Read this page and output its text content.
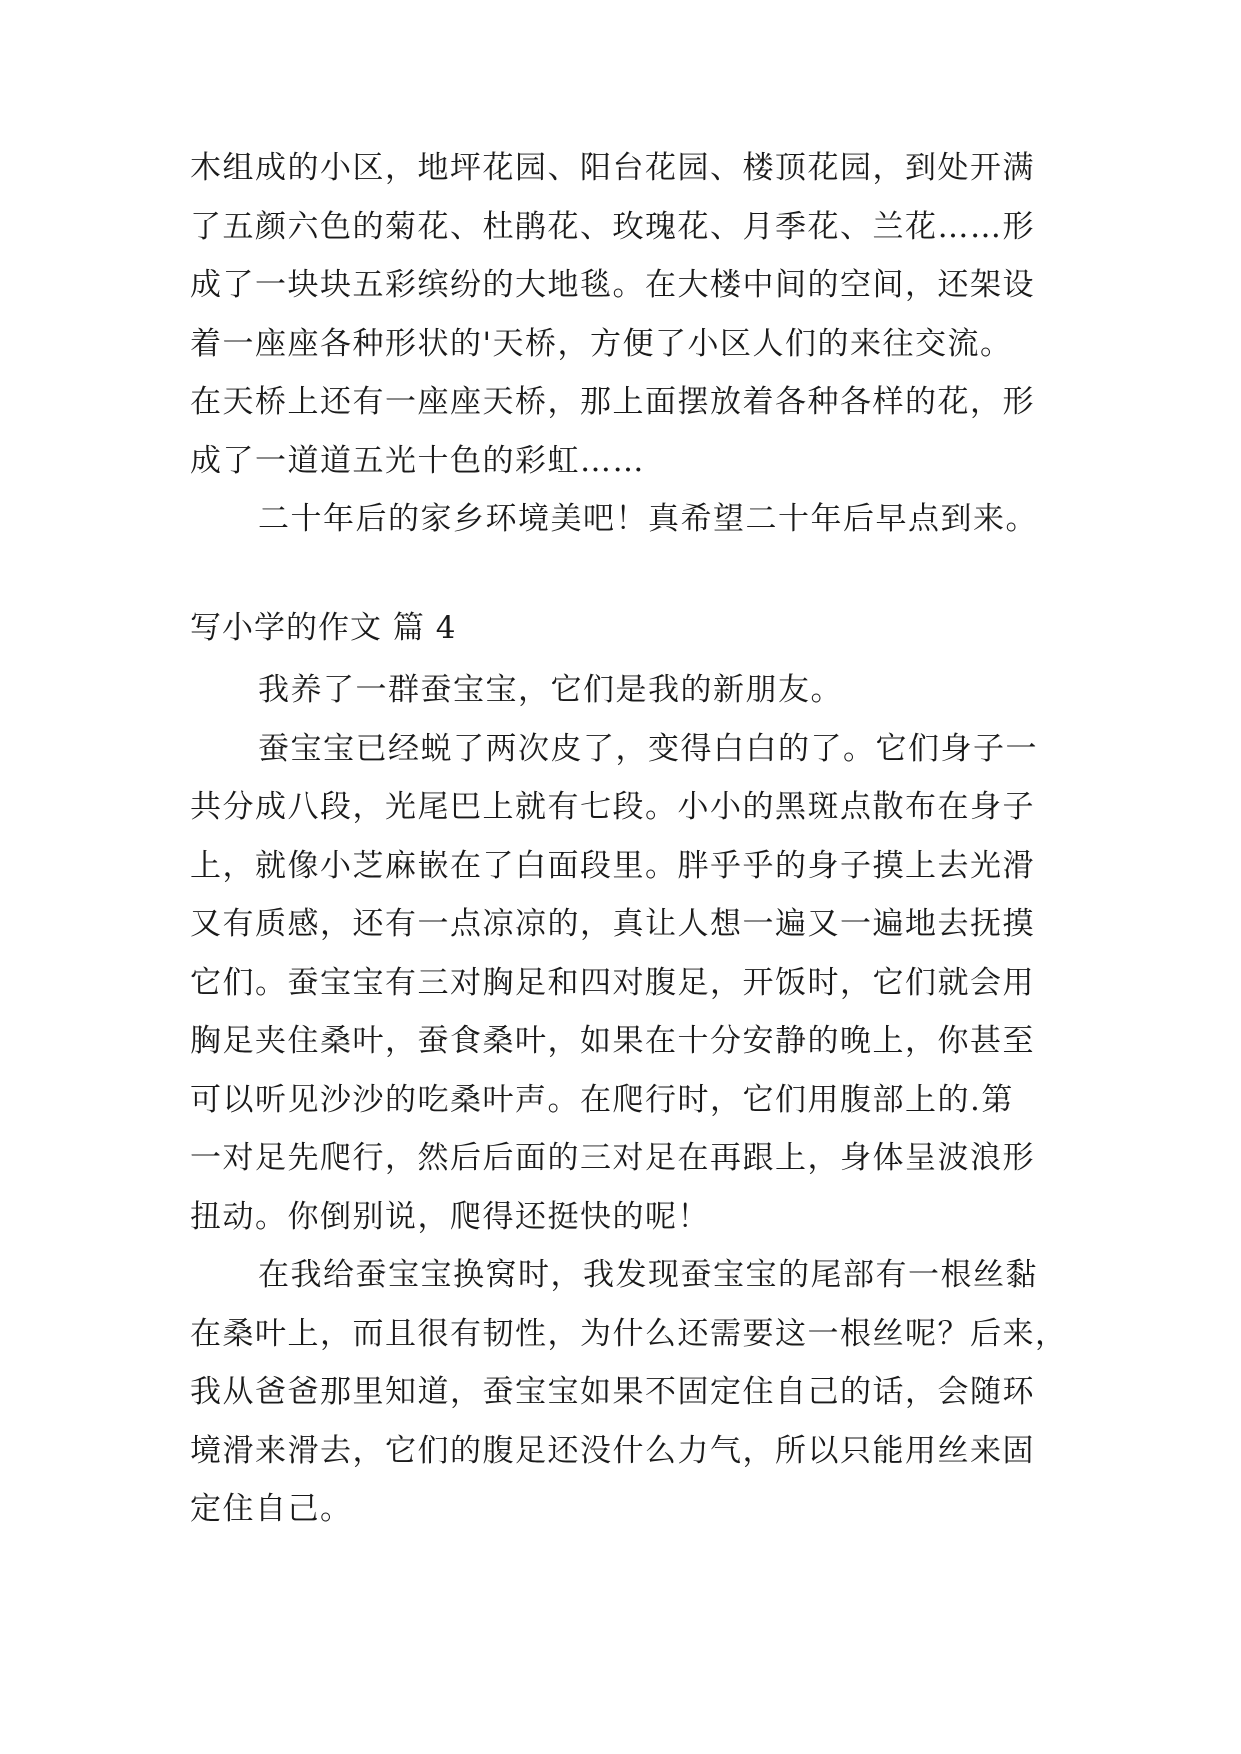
木组成的小区，地坪花园、阳台花园、楼顶花园，到处开满
了五颜六色的菊花、杜鹃花、玫瑰花、月季花、兰花……形
成了一块块五彩缤纷的大地毯。在大楼中间的空间，还架设
着一座座各种形状的'天桥，方便了小区人们的来往交流。
在天桥上还有一座座天桥，那上面摆放着各种各样的花，形
成了一道道五光十色的彩虹……
二十年后的家乡环境美吧！真希望二十年后早点到来。
写小学的作文 篇 4
我养了一群蚕宝宝，它们是我的新朋友。
蚕宝宝已经蜕了两次皮了，变得白白的了。它们身子一
共分成八段，光尾巴上就有七段。小小的黑斑点散布在身子
上，就像小芝麻嵌在了白面段里。胖乎乎的身子摸上去光滑
又有质感，还有一点凉凉的，真让人想一遍又一遍地去抚摸
它们。蚕宝宝有三对胸足和四对腹足，开饭时，它们就会用
胸足夹住桑叶，蚕食桑叶，如果在十分安静的晚上，你甚至
可以听见沙沙的吃桑叶声。在爬行时，它们用腹部上的.第
一对足先爬行，然后后面的三对足在再跟上，身体呈波浪形
扭动。你倒别说，爬得还挺快的呢！
在我给蚕宝宝换窝时，我发现蚕宝宝的尾部有一根丝黏
在桑叶上，而且很有韧性，为什么还需要这一根丝呢？后来，
我从爸爸那里知道，蚕宝宝如果不固定住自己的话，会随环
境滑来滑去，它们的腹足还没什么力气，所以只能用丝来固
定住自己。
